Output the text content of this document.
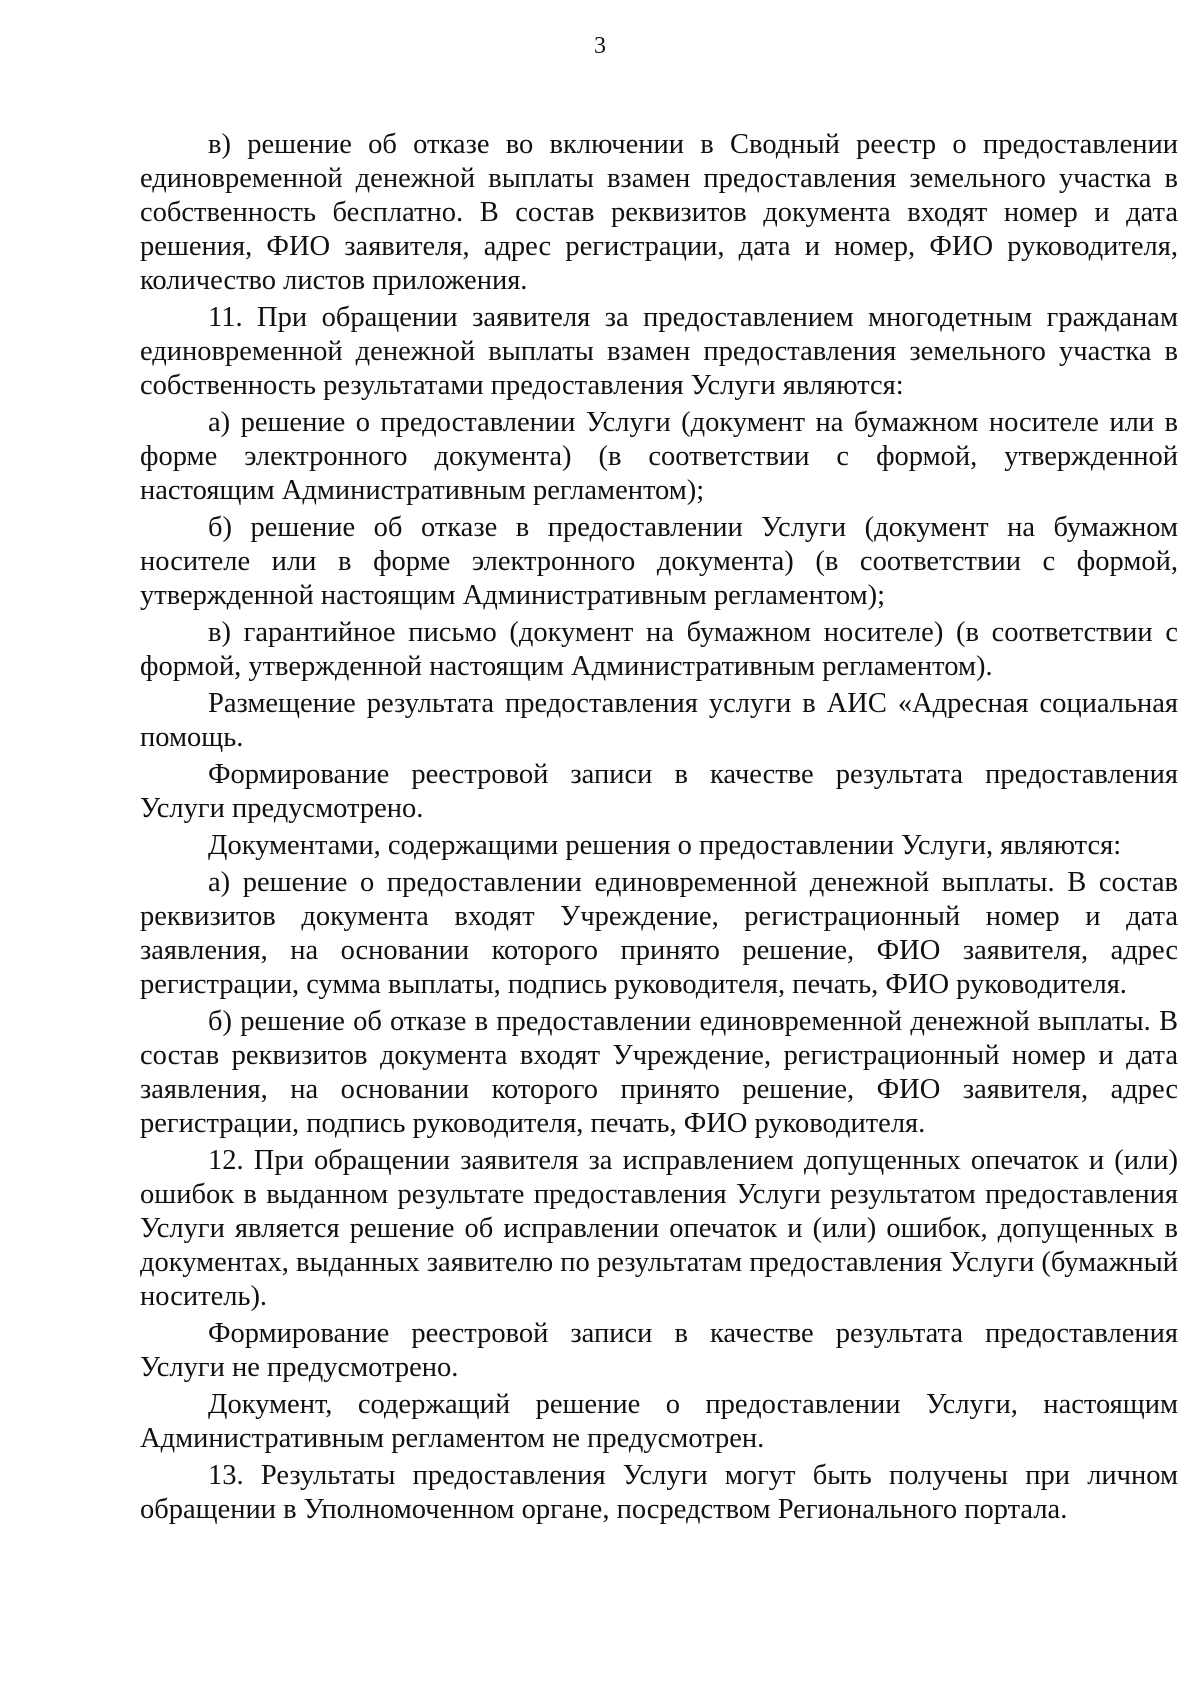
3

в) решение об отказе во включении в Сводный реестр о предоставлении единовременной денежной выплаты взамен предоставления земельного участка в собственность бесплатно. В состав реквизитов документа входят номер и дата решения, ФИО заявителя, адрес регистрации, дата и номер, ФИО руководителя, количество листов приложения.

11. При обращении заявителя за предоставлением многодетным гражданам единовременной денежной выплаты взамен предоставления земельного участка в собственность результатами предоставления Услуги являются:

а) решение о предоставлении Услуги (документ на бумажном носителе или в форме электронного документа) (в соответствии с формой, утвержденной настоящим Административным регламентом);

б) решение об отказе в предоставлении Услуги (документ на бумажном носителе или в форме электронного документа) (в соответствии с формой, утвержденной настоящим Административным регламентом);

в) гарантийное письмо (документ на бумажном носителе) (в соответствии с формой, утвержденной настоящим Административным регламентом).

Размещение результата предоставления услуги в АИС «Адресная социальная помощь.

Формирование реестровой записи в качестве результата предоставления Услуги предусмотрено.

Документами, содержащими решения о предоставлении Услуги, являются:

а) решение о предоставлении единовременной денежной выплаты. В состав реквизитов документа входят Учреждение, регистрационный номер и дата заявления, на основании которого принято решение, ФИО заявителя, адрес регистрации, сумма выплаты, подпись руководителя, печать, ФИО руководителя.

б) решение об отказе в предоставлении единовременной денежной выплаты. В состав реквизитов документа входят Учреждение, регистрационный номер и дата заявления, на основании которого принято решение, ФИО заявителя, адрес регистрации, подпись руководителя, печать, ФИО руководителя.

12. При обращении заявителя за исправлением допущенных опечаток и (или) ошибок в выданном результате предоставления Услуги результатом предоставления Услуги является решение об исправлении опечаток и (или) ошибок, допущенных в документах, выданных заявителю по результатам предоставления Услуги (бумажный носитель).

Формирование реестровой записи в качестве результата предоставления Услуги не предусмотрено.

Документ, содержащий решение о предоставлении Услуги, настоящим Административным регламентом не предусмотрен.

13. Результаты предоставления Услуги могут быть получены при личном обращении в Уполномоченном органе, посредством Регионального портала.
